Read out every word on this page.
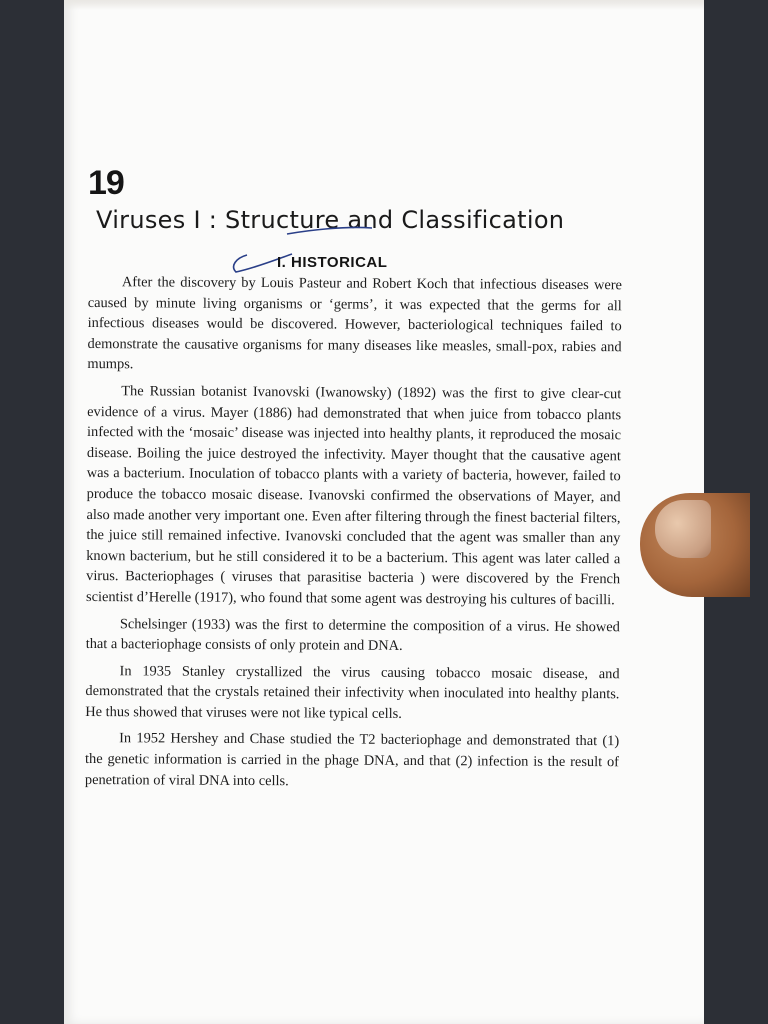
19
Viruses I : Structure and Classification
I. HISTORICAL

After the discovery by Louis Pasteur and Robert Koch that infectious diseases were caused by minute living organisms or ‘germs’, it was expected that the germs for all infectious diseases would be discovered. However, bacteriological techniques failed to demonstrate the causative organisms for many diseases like measles, small-pox, rabies and mumps.

The Russian botanist Ivanovski (Iwanowsky) (1892) was the first to give clear-cut evidence of a virus. Mayer (1886) had demonstrated that when juice from tobacco plants infected with the ‘mosaic’ disease was injected into healthy plants, it reproduced the mosaic disease. Boiling the juice destroyed the infectivity. Mayer thought that the causative agent was a bacterium. Inoculation of tobacco plants with a variety of bacteria, however, failed to produce the tobacco mosaic disease. Ivanovski confirmed the observations of Mayer, and also made another very important one. Even after filtering through the finest bacterial filters, the juice still remained infective. Ivanovski concluded that the agent was smaller than any known bacterium, but he still considered it to be a bacterium. This agent was later called a virus. Bacteriophages ( viruses that parasitise bacteria ) were discovered by the French scientist d’Herelle (1917), who found that some agent was destroying his cultures of bacilli.

Schelsinger (1933) was the first to determine the composition of a virus. He showed that a bacteriophage consists of only protein and DNA.

In 1935 Stanley crystallized the virus causing tobacco mosaic disease, and demonstrated that the crystals retained their infectivity when inoculated into healthy plants. He thus showed that viruses were not like typical cells.

In 1952 Hershey and Chase studied the T2 bacteriophage and demonstrated that (1) the genetic information is carried in the phage DNA, and that (2) infection is the result of penetration of viral DNA into cells.
